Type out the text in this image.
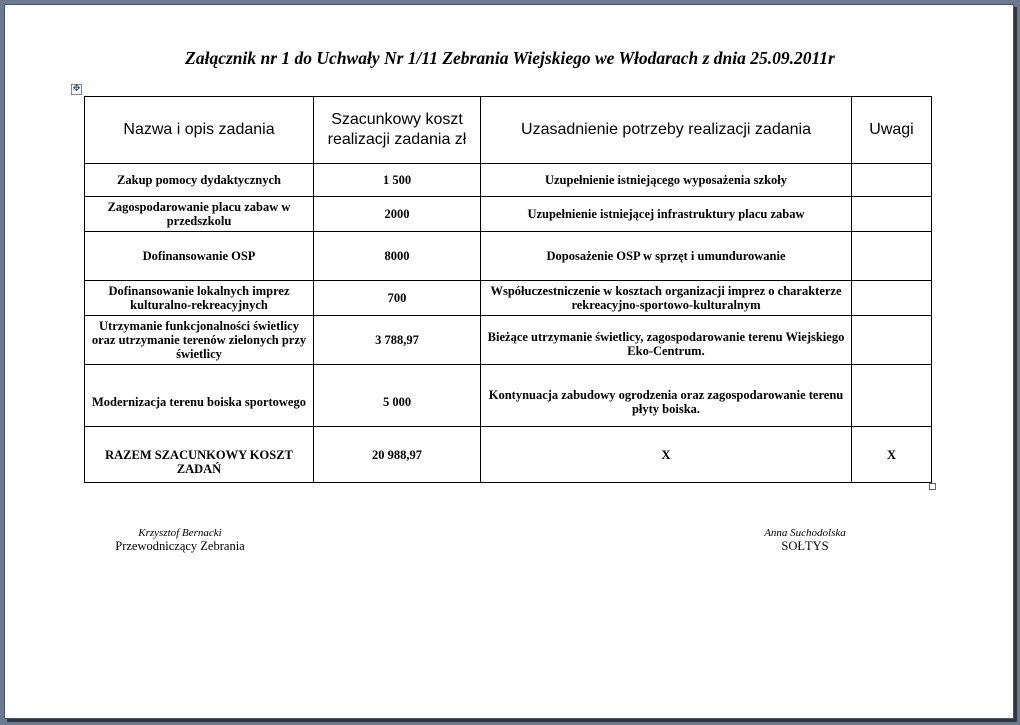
Załącznik nr 1 do Uchwały Nr 1/11 Zebrania Wiejskiego we Włodarach z dnia 25.09.2011r
✥
Nazwa i opis zadania	Szacunkowy koszt realizacji zadania zł	Uzasadnienie potrzeby realizacji zadania	Uwagi
Zakup pomocy dydaktycznych	1 500	Uzupełnienie istniejącego wyposażenia szkoły	
Zagospodarowanie placu zabaw w przedszkolu	2000	Uzupełnienie istniejącej infrastruktury placu zabaw	
Dofinansowanie OSP	8000	Doposażenie OSP w sprzęt i umundurowanie	
Dofinansowanie lokalnych imprez kulturalno-rekreacyjnych	700	Współuczestniczenie w kosztach organizacji imprez o charakterze rekreacyjno-sportowo-kulturalnym	
Utrzymanie funkcjonalności świetlicy oraz utrzymanie terenów zielonych przy świetlicy	3 788,97	Bieżące utrzymanie świetlicy, zagospodarowanie terenu Wiejskiego Eko-Centrum.	
Modernizacja terenu boiska sportowego	5 000	Kontynuacja zabudowy ogrodzenia oraz zagospodarowanie terenu płyty boiska.	
RAZEM SZACUNKOWY KOSZT ZADAŃ	20 988,97	X	X
Krzysztof Bernacki
Przewodniczący Zebrania
Anna Suchodolska
SOŁTYS
